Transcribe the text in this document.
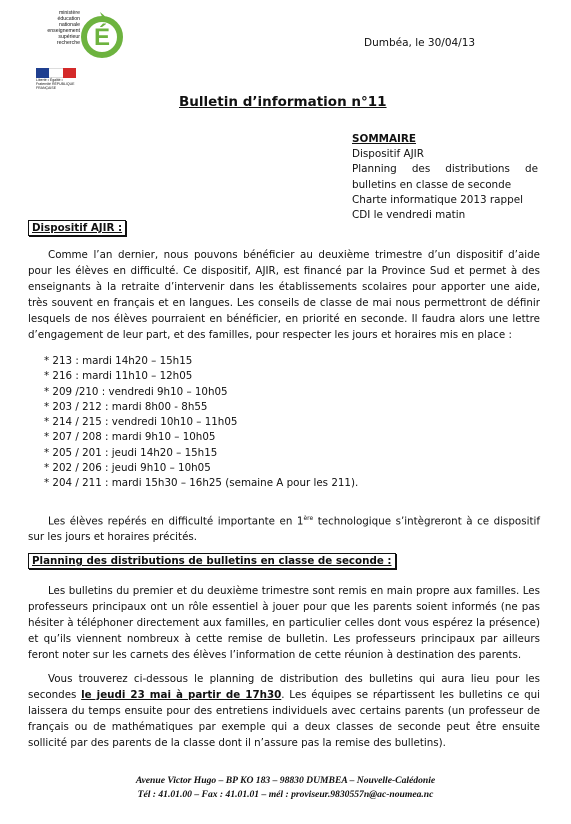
ministère
éducation
nationale
enseignement
supérieur
recherche É
Liberté • Égalité • Fraternité RÉPUBLIQUE FRANÇAISE
Dumbéa, le 30/04/13
Bulletin d’information n°11
SOMMAIRE
Dispositif AJIR
Planning des distributions de
bulletins en classe de seconde
Charte informatique 2013 rappel
CDI le vendredi matin
Dispositif AJIR :
Comme l’an dernier, nous pouvons bénéficier au deuxième trimestre d’un dispositif d’aide pour les élèves en difficulté. Ce dispositif, AJIR, est financé par la Province Sud et permet à des enseignants à la retraite d’intervenir dans les établissements scolaires pour apporter une aide, très souvent en français et en langues. Les conseils de classe de mai nous permettront de définir lesquels de nos élèves pourraient en bénéficier, en priorité en seconde. Il faudra alors une lettre d’engagement de leur part, et des familles, pour respecter les jours et horaires mis en place :
* 213 : mardi 14h20 – 15h15
* 216 : mardi 11h10 – 12h05
* 209 /210 : vendredi 9h10 – 10h05
* 203 / 212 : mardi 8h00 - 8h55
* 214 / 215 : vendredi 10h10 – 11h05
* 207 / 208 : mardi 9h10 – 10h05
* 205 / 201 : jeudi 14h20 – 15h15
* 202 / 206 : jeudi 9h10 – 10h05
* 204 / 211 : mardi 15h30 – 16h25 (semaine A pour les 211).
Les élèves repérés en difficulté importante en 1ère technologique s’intègreront à ce dispositif sur les jours et horaires précités.
Planning des distributions de bulletins en classe de seconde :
Les bulletins du premier et du deuxième trimestre sont remis en main propre aux familles. Les professeurs principaux ont un rôle essentiel à jouer pour que les parents soient informés (ne pas hésiter à téléphoner directement aux familles, en particulier celles dont vous espérez la présence) et qu’ils viennent nombreux à cette remise de bulletin. Les professeurs principaux par ailleurs feront noter sur les carnets des élèves l’information de cette réunion à destination des parents.
Vous trouverez ci-dessous le planning de distribution des bulletins qui aura lieu pour les secondes le jeudi 23 mai à partir de 17h30. Les équipes se répartissent les bulletins ce qui laissera du temps ensuite pour des entretiens individuels avec certains parents (un professeur de français ou de mathématiques par exemple qui a deux classes de seconde peut être ensuite sollicité par des parents de la classe dont il n’assure pas la remise des bulletins).
Avenue Victor Hugo – BP KO 183 – 98830 DUMBEA – Nouvelle-Calédonie
Tél : 41.01.00 – Fax : 41.01.01 – mél : proviseur.9830557n@ac-noumea.nc
